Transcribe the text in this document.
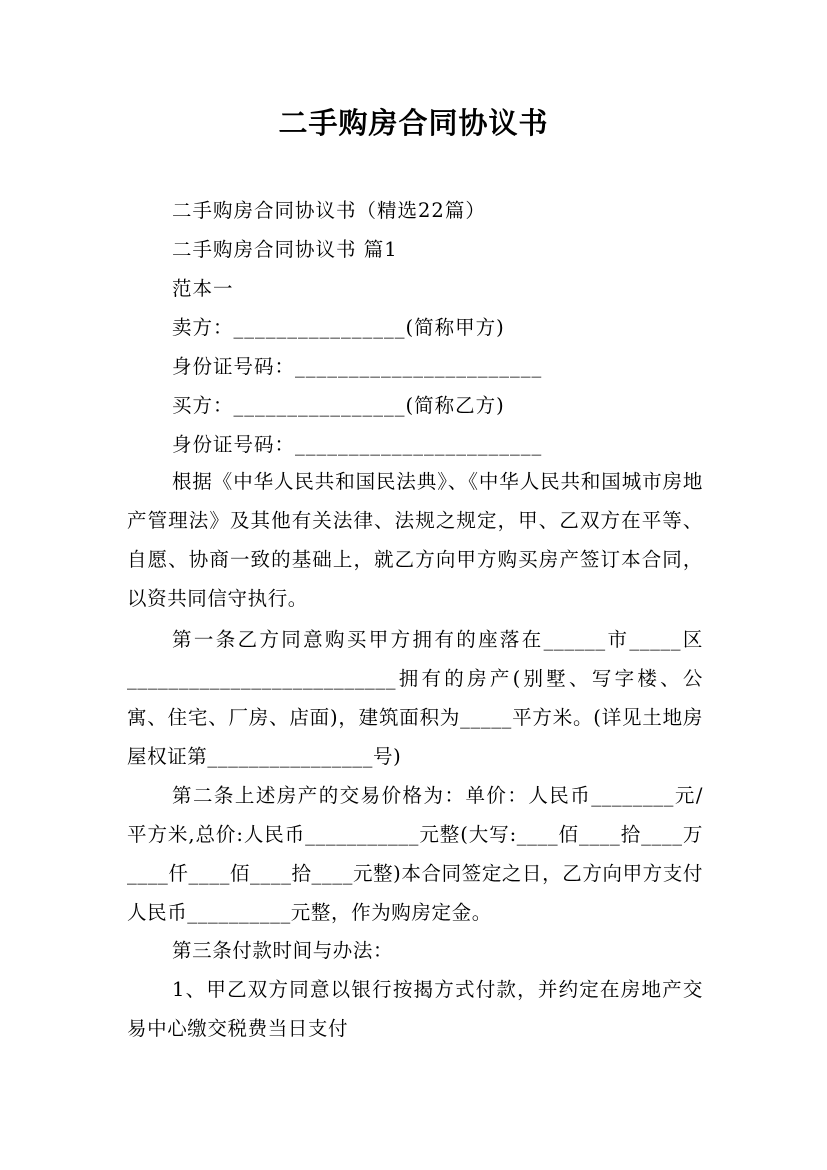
二手购房合同协议书
二手购房合同协议书（精选22篇）
二手购房合同协议书 篇1
范本一
卖方：________________(简称甲方)
身份证号码：_______________________
买方：________________(简称乙方)
身份证号码：_______________________
根据《中华人民共和国民法典》、《中华人民共和国城市房地产管理法》及其他有关法律、法规之规定，甲、乙双方在平等、自愿、协商一致的基础上，就乙方向甲方购买房产签订本合同，以资共同信守执行。
第一条乙方同意购买甲方拥有的座落在______市_____区__________________________拥有的房产(别墅、写字楼、公寓、住宅、厂房、店面)，建筑面积为_____平方米。(详见土地房屋权证第________________号)
第二条上述房产的交易价格为：单价：人民币________元/平方米,总价:人民币___________元整(大写:____佰____拾____万____仟____佰____拾____元整)本合同签定之日，乙方向甲方支付人民币__________元整，作为购房定金。
第三条付款时间与办法：
1、甲乙双方同意以银行按揭方式付款，并约定在房地产交易中心缴交税费当日支付
